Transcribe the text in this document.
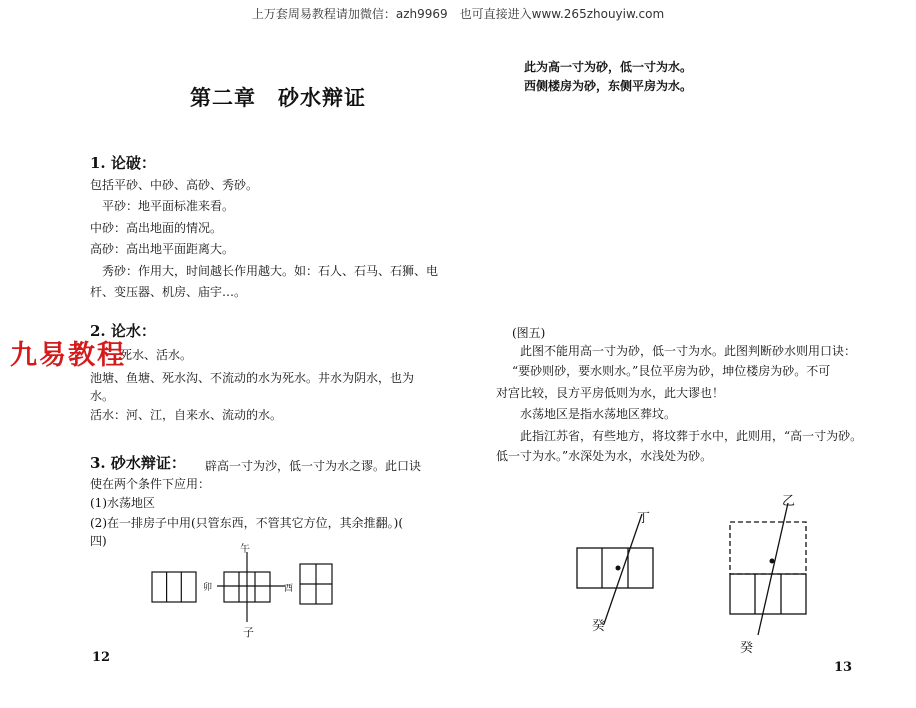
上万套周易教程请加微信：azh9969　也可直接进入www.265zhouyiw.com
第二章　砂水辩证
1. 论破：
包括平砂、中砂、高砂、秀砂。
平砂：地平面标准来看。
中砂：高出地面的情况。
高砂：高出地平面距离大。
秀砂：作用大，时间越长作用越大。如：石人、石马、石狮、电
杆、变压器、机房、庙宇…。
2. 论水：
死水、活水。
池塘、鱼塘、死水沟、不流动的水为死水。井水为阴水，也为
水。
活水：河、江，自来水、流动的水。
3. 砂水辩证： 辟高一寸为沙，低一寸为水之谬。此口诀
使在两个条件下应用：
(1)水荡地区
(2)在一排房子中用(只管东西，不管其它方位，其余推翻。)(
四)
午
卯	酉
子
12
九易教程
此为高一寸为砂，低一寸为水。
西侧楼房为砂，东侧平房为水。
(图五)
此图不能用高一寸为砂，低一寸为水。此图判断砂水则用口诀：
“要砂则砂，要水则水。”艮位平房为砂，坤位楼房为砂。不可
对宫比较，艮方平房低则为水，此大谬也！
水荡地区是指水荡地区葬坟。
此指江苏省，有些地方，将坟葬于水中，此则用，“高一寸为砂。
低一寸为水。”水深处为水，水浅处为砂。
丁
癸
乙
癸
13
